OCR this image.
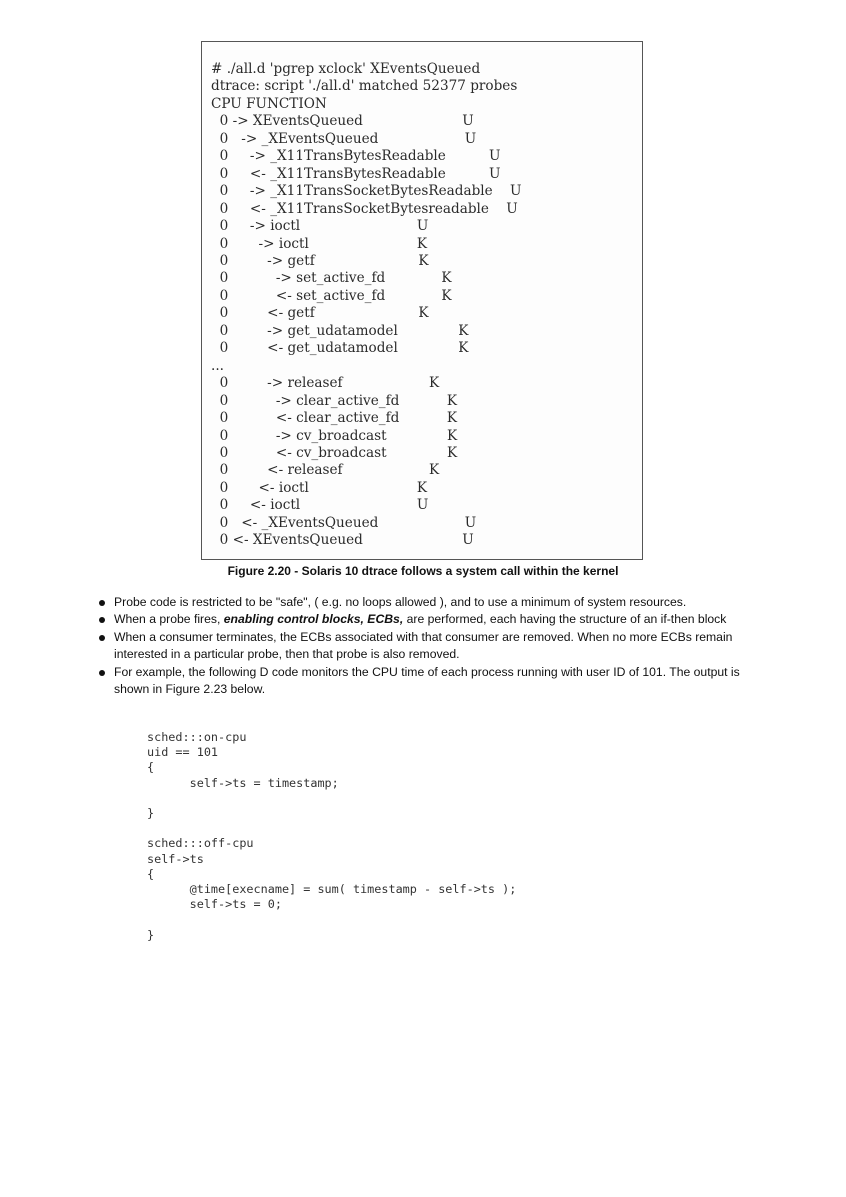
# ./all.d 'pgrep xclock' XEventsQueued
dtrace: script './all.d' matched 52377 probes
CPU FUNCTION
0 -> XEventsQueued                       U
0   -> _XEventsQueued                    U
0     -> _X11TransBytesReadable          U
0     <- _X11TransBytesReadable          U
0     -> _X11TransSocketBytesReadable    U
0     <- _X11TransSocketBytesreadable    U
0     -> ioctl                           U
0       -> ioctl                         K
0         -> getf                        K
0           -> set_active_fd             K
0           <- set_active_fd             K
0         <- getf                        K
0         -> get_udatamodel              K
0         <- get_udatamodel              K
...
0         -> releasef                    K
0           -> clear_active_fd           K
0           <- clear_active_fd           K
0           -> cv_broadcast              K
0           <- cv_broadcast              K
0         <- releasef                    K
0       <- ioctl                         K
0     <- ioctl                           U
0   <- _XEventsQueued                    U
0 <- XEventsQueued                       U
Figure 2.20 - Solaris 10 dtrace follows a system call within the kernel
Probe code is restricted to be "safe", ( e.g. no loops allowed ), and to use a minimum of system resources.
When a probe fires, enabling control blocks, ECBs, are performed, each having the structure of an if-then block
When a consumer terminates, the ECBs associated with that consumer are removed. When no more ECBs remain interested in a particular probe, then that probe is also removed.
For example, the following D code monitors the CPU time of each process running with user ID of 101. The output is shown in Figure 2.23 below.
sched:::on-cpu
uid == 101
{
self->ts = timestamp;

}

sched:::off-cpu
self->ts
{
@time[execname] = sum( timestamp - self->ts );
self->ts = 0;

}
